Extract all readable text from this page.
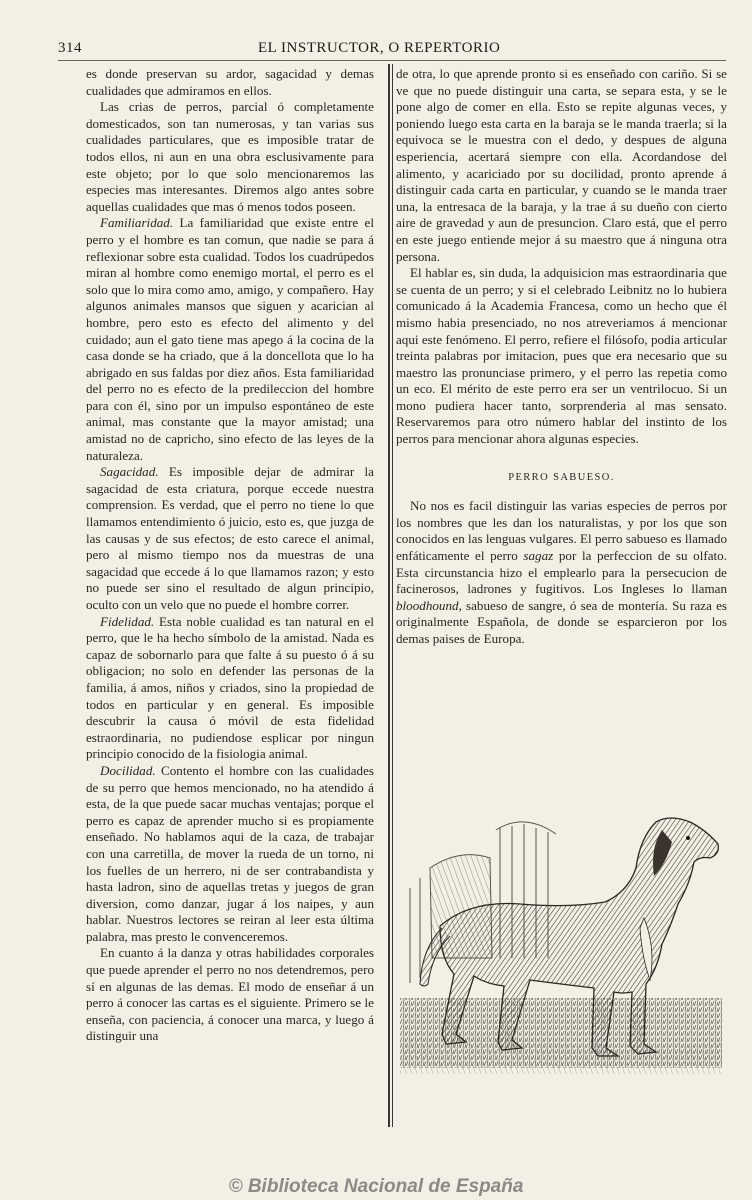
314	EL INSTRUCTOR, O REPERTORIO

es donde preservan su ardor, sagacidad y demas cualidades que admiramos en ellos.

Las crias de perros, parcial ó completamente domesticados, son tan numerosas, y tan varias sus cualidades particulares, que es imposible tratar de todos ellos, ni aun en una obra esclusivamente para este objeto; por lo que solo mencionaremos las especies mas interesantes. Diremos algo antes sobre aquellas cualidades que mas ó menos todos poseen.

Familiaridad. La familiaridad que existe entre el perro y el hombre es tan comun, que nadie se para á reflexionar sobre esta cualidad. Todos los cuadrúpedos miran al hombre como enemigo mortal, el perro es el solo que lo mira como amo, amigo, y compañero. Hay algunos animales mansos que siguen y acarician al hombre, pero esto es efecto del alimento y del cuidado; aun el gato tiene mas apego á la cocina de la casa donde se ha criado, que á la doncellota que lo ha abrigado en sus faldas por diez años. Esta familiaridad del perro no es efecto de la predileccion del hombre para con él, sino por un impulso espontáneo de este animal, mas constante que la mayor amistad; una amistad no de capricho, sino efecto de las leyes de la naturaleza.

Sagacidad. Es imposible dejar de admirar la sagacidad de esta criatura, porque eccede nuestra comprension. Es verdad, que el perro no tiene lo que llamamos entendimiento ó juicio, esto es, que juzga de las causas y de sus efectos; de esto carece el animal, pero al mismo tiempo nos da muestras de una sagacidad que eccede á lo que llamamos razon; y esto no puede ser sino el resultado de algun principio, oculto con un velo que no puede el hombre correr.

Fidelidad. Esta noble cualidad es tan natural en el perro, que le ha hecho símbolo de la amistad. Nada es capaz de sobornarlo para que falte á su puesto ó á su obligacion; no solo en defender las personas de la familia, á amos, niños y criados, sino la propiedad de todos en particular y en general. Es imposible descubrir la causa ó móvil de esta fidelidad estraordinaria, no pudiendose esplicar por ningun principio conocido de la fisiologia animal.

Docilidad. Contento el hombre con las cualidades de su perro que hemos mencionado, no ha atendido á esta, de la que puede sacar muchas ventajas; porque el perro es capaz de aprender mucho si es propiamente enseñado. No hablamos aqui de la caza, de trabajar con una carretilla, de mover la rueda de un torno, ni los fuelles de un herrero, ni de ser contrabandista y hasta ladron, sino de aquellas tretas y juegos de gran diversion, como danzar, jugar á los naipes, y aun hablar. Nuestros lectores se reiran al leer esta última palabra, mas presto le convenceremos.

En cuanto á la danza y otras habilidades corporales que puede aprender el perro no nos detendremos, pero sí en algunas de las demas. El modo de enseñar á un perro á conocer las cartas es el siguiente. Primero se le enseña, con paciencia, á conocer una marca, y luego á distinguir una

de otra, lo que aprende pronto si es enseñado con cariño. Si se ve que no puede distinguir una carta, se separa esta, y se le pone algo de comer en ella. Esto se repite algunas veces, y poniendo luego esta carta en la baraja se le manda traerla; si la equivoca se le muestra con el dedo, y despues de alguna esperiencia, acertará siempre con ella. Acordandose del alimento, y acariciado por su docilidad, pronto aprende á distinguir cada carta en particular, y cuando se le manda traer una, la entresaca de la baraja, y la trae á su dueño con cierto aire de gravedad y aun de presuncion. Claro está, que el perro en este juego entiende mejor á su maestro que á ninguna otra persona.

El hablar es, sin duda, la adquisicion mas estraordinaria que se cuenta de un perro; y si el celebrado Leibnitz no lo hubiera comunicado á la Academia Francesa, como un hecho que él mismo habia presenciado, no nos atreveriamos á mencionar aqui este fenómeno. El perro, refiere el filósofo, podia articular treinta palabras por imitacion, pues que era necesario que su maestro las pronunciase primero, y el perro las repetia como un eco. El mérito de este perro era ser un ventrilocuo. Si un mono pudiera hacer tanto, sorprenderia al mas sensato. Reservaremos para otro número hablar del instinto de los perros para mencionar ahora algunas especies.

PERRO SABUESO.

No nos es facil distinguir las varias especies de perros por los nombres que les dan los naturalistas, y por los que son conocidos en las lenguas vulgares. El perro sabueso es llamado enfáticamente el perro sagaz por la perfeccion de su olfato. Esta circunstancia hizo el emplearlo para la persecucion de facinerosos, ladrones y fugitivos. Los Ingleses lo llaman bloodhound, sabueso de sangre, ó sea de montería. Su raza es originalmente Española, de donde se esparcieron por los demas paises de Europa.

© Biblioteca Nacional de España
